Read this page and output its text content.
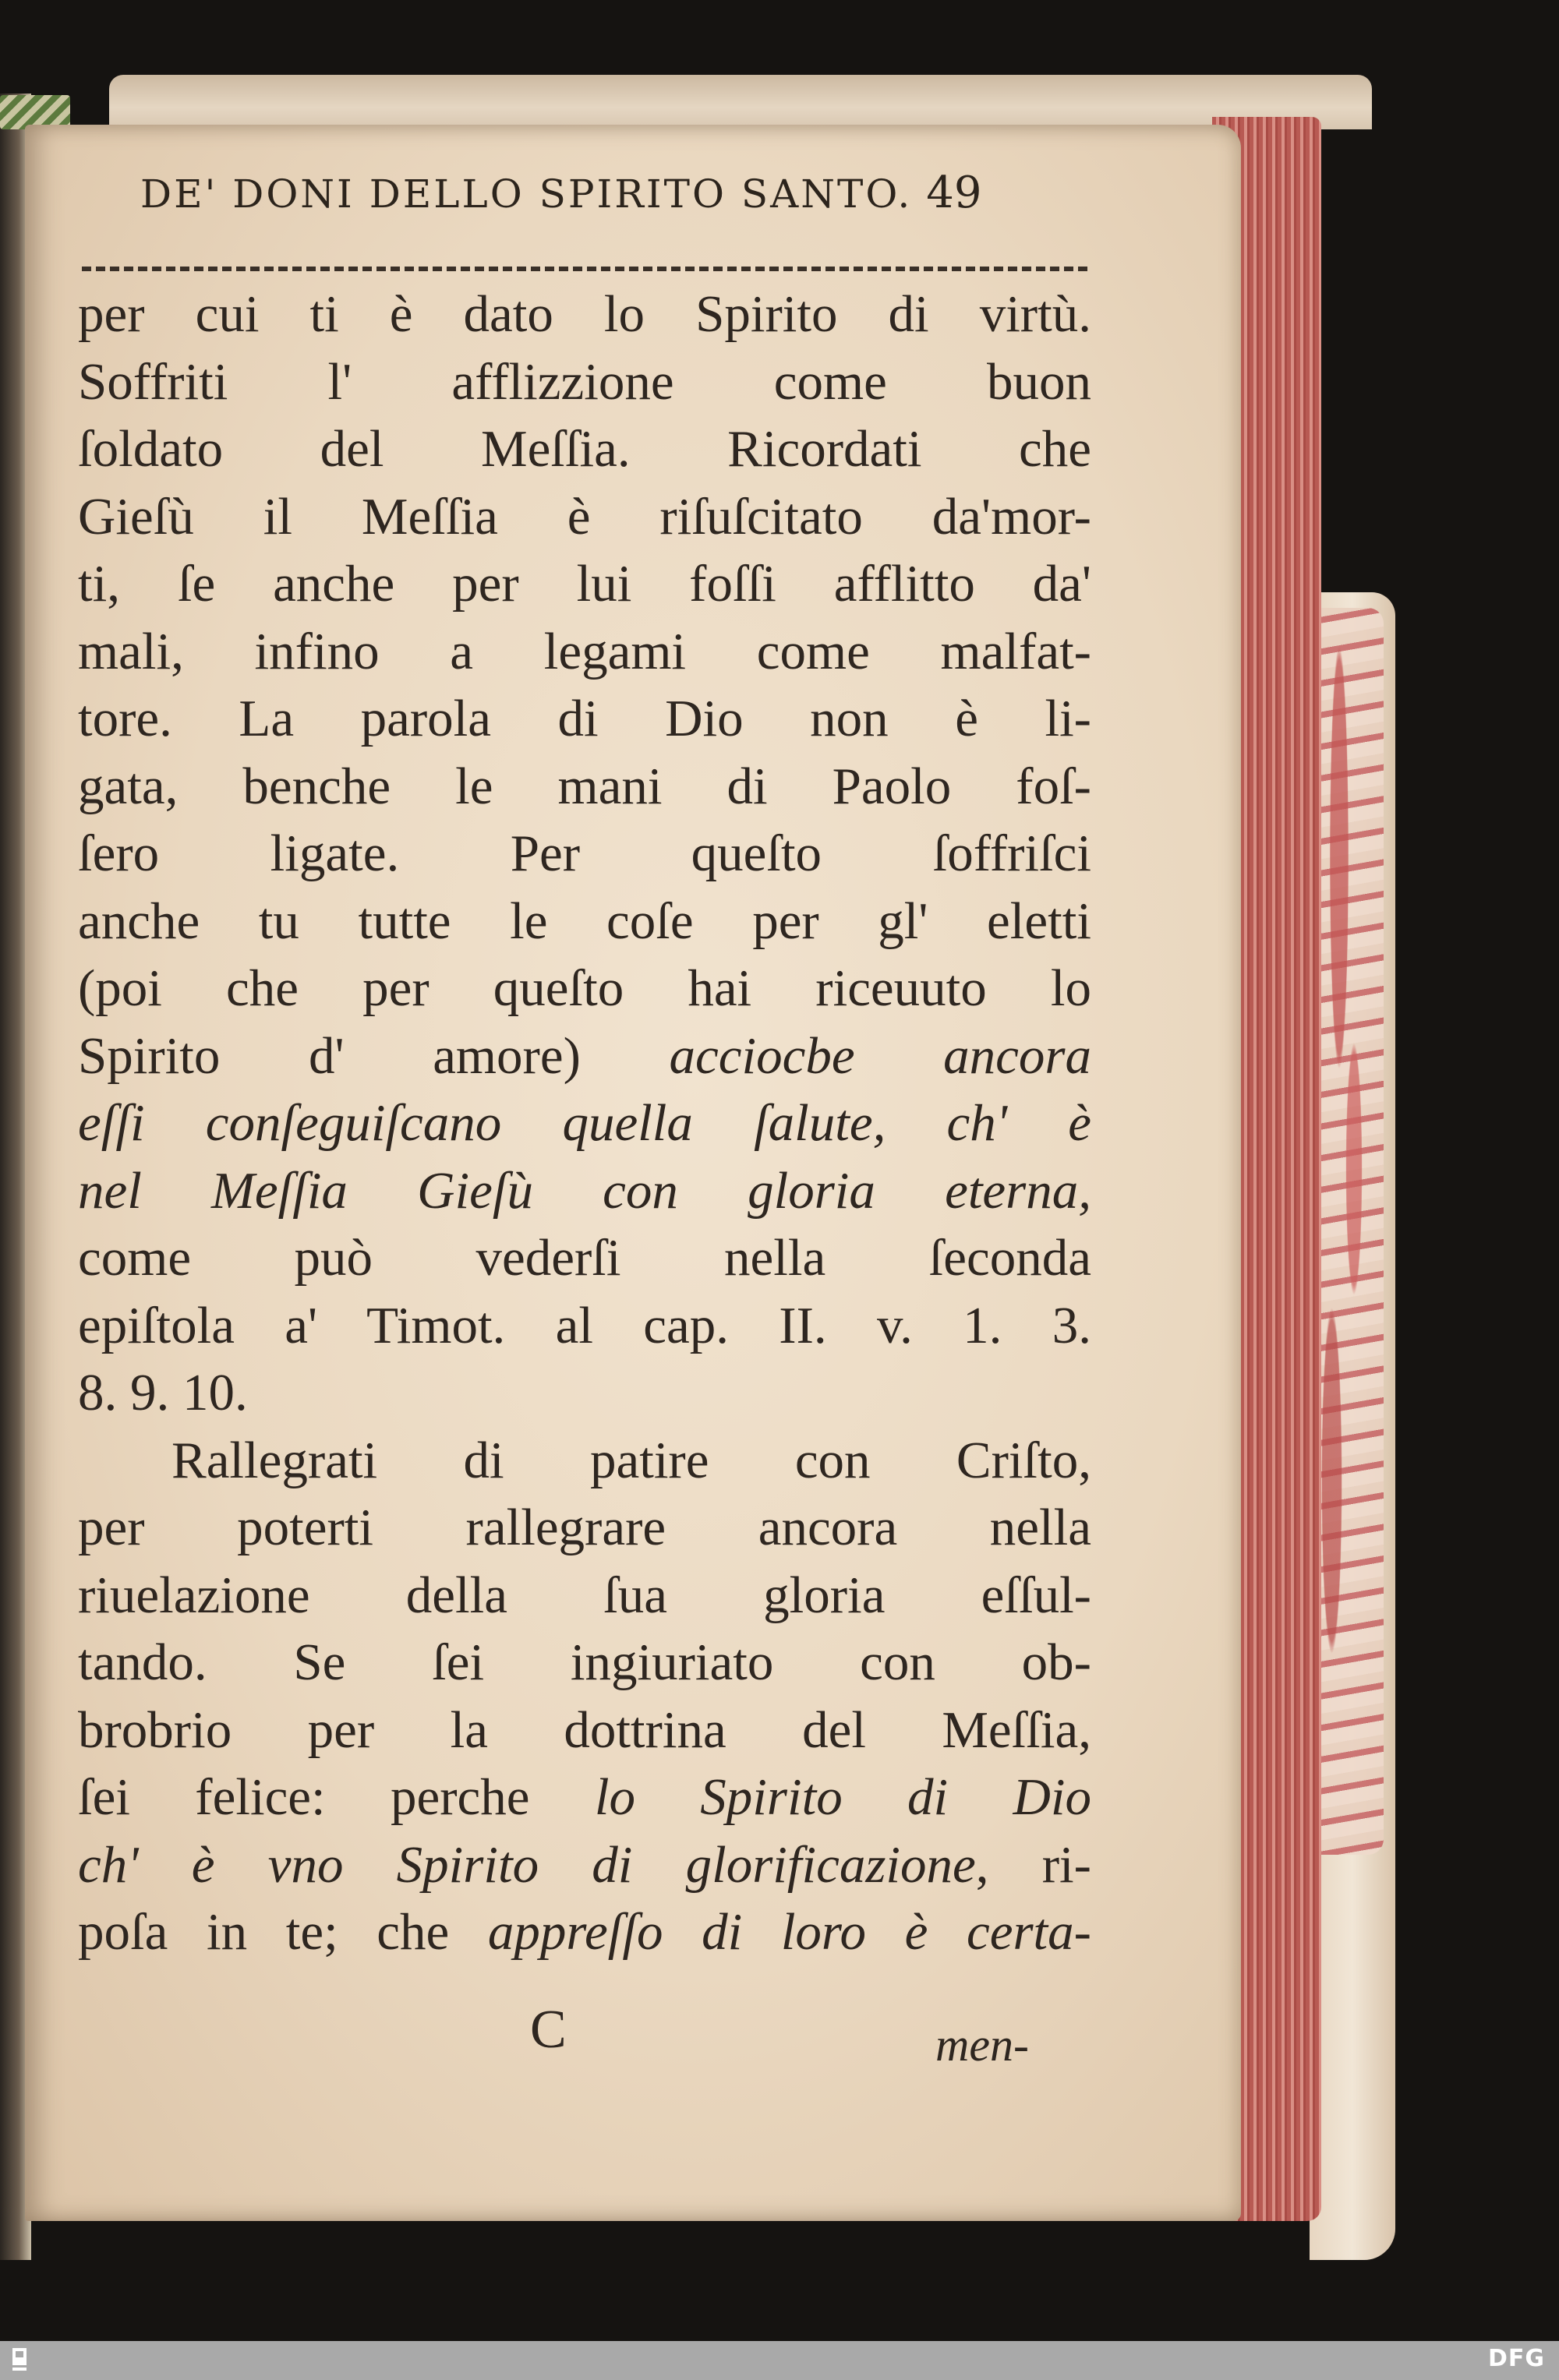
DE' DONI DELLO SPIRITO SANTO. 49
per cui ti è dato lo Spirito di virtù.
Soffriti l' afflizzione come buon
ſoldato del Meſſia. Ricordati che
Gieſù il Meſſia è riſuſcitato da'mor-
ti, ſe anche per lui foſſi afflitto da'
mali, infino a legami come malfat-
tore. La parola di Dio non è li-
gata, benche le mani di Paolo foſ-
ſero ligate. Per queſto ſoffriſci
anche tu tutte le coſe per gl' eletti
(poi che per queſto hai riceuuto lo
Spirito d' amore) acciocbe ancora
eſſi conſeguiſcano quella ſalute, ch' è
nel Meſſia Gieſù con gloria eterna,
come può vederſi nella ſeconda
epiſtola a' Timot. al cap. II. v. 1. 3.
8. 9. 10.
Rallegrati di patire con Criſto,
per poterti rallegrare ancora nella
riuelazione della ſua gloria eſſul-
tando. Se ſei ingiuriato con ob-
brobrio per la dottrina del Meſſia,
ſei felice: perche lo Spirito di Dio
ch' è vno Spirito di glorificazione, ri-
poſa in te; che appreſſo di loro è certa-
C	men-
DFG
